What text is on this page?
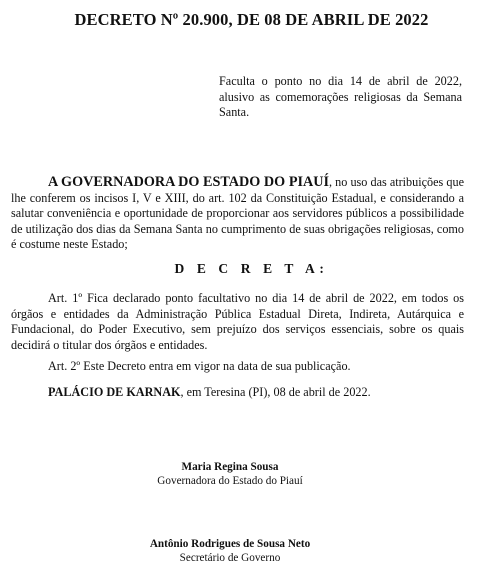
DECRETO Nº 20.900, DE 08 DE ABRIL DE 2022

Faculta o ponto no dia 14 de abril de 2022, alusivo as comemorações religiosas da Semana Santa.

A GOVERNADORA DO ESTADO DO PIAUÍ, no uso das atribuições que lhe conferem os incisos I, V e XIII, do art. 102 da Constituição Estadual, e considerando a salutar conveniência e oportunidade de proporcionar aos servidores públicos a possibilidade de utilização dos dias da Semana Santa no cumprimento de suas obrigações religiosas, como é costume neste Estado;

D E C R E T A:

Art. 1º Fica declarado ponto facultativo no dia 14 de abril de 2022, em todos os órgãos e entidades da Administração Pública Estadual Direta, Indireta, Autárquica e Fundacional, do Poder Executivo, sem prejuízo dos serviços essenciais, sobre os quais decidirá o titular dos órgãos e entidades.

Art. 2º Este Decreto entra em vigor na data de sua publicação.

PALÁCIO DE KARNAK, em Teresina (PI), 08 de abril de 2022.

Maria Regina Sousa
Governadora do Estado do Piauí
Antônio Rodrigues de Sousa Neto
Secretário de Governo
